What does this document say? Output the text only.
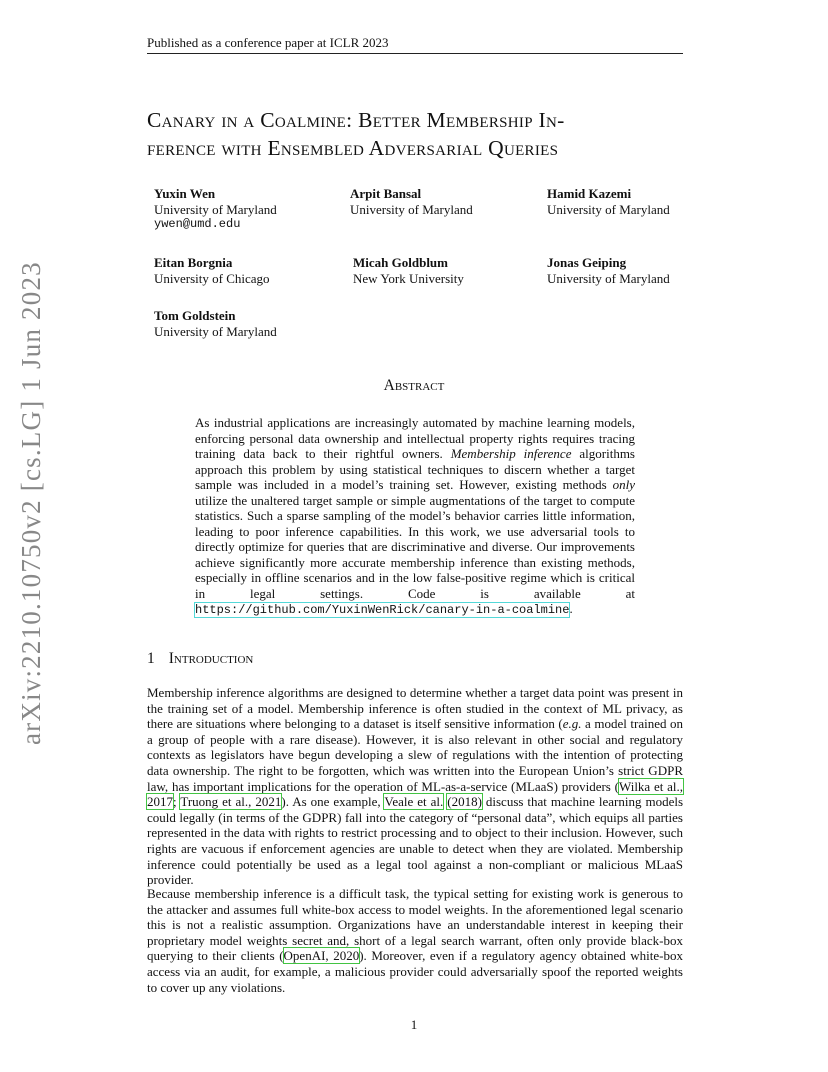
Published as a conference paper at ICLR 2023
Canary in a Coalmine: Better Membership In-
ference with Ensembled Adversarial Queries
Yuxin Wen
University of Maryland
ywen@umd.edu
Arpit Bansal
University of Maryland
Hamid Kazemi
University of Maryland
Eitan Borgnia
University of Chicago
Micah Goldblum
New York University
Jonas Geiping
University of Maryland
Tom Goldstein
University of Maryland
arXiv:2210.10750v2 [cs.LG] 1 Jun 2023	Abstract
As industrial applications are increasingly automated by machine learning models, enforcing personal data ownership and intellectual property rights requires tracing training data back to their rightful owners. Membership inference algorithms approach this problem by using statistical techniques to discern whether a target sample was included in a model’s training set. However, existing methods only utilize the unaltered target sample or simple augmentations of the target to compute statistics. Such a sparse sampling of the model’s behavior carries little information, leading to poor inference capabilities. In this work, we use adversarial tools to directly optimize for queries that are discriminative and diverse. Our improvements achieve significantly more accurate membership inference than existing methods, especially in offline scenarios and in the low false-positive regime which is critical in legal settings. Code is available at https://github.com/YuxinWenRick/canary-in-a-coalmine.
1 Introduction
Membership inference algorithms are designed to determine whether a target data point was present in the training set of a model. Membership inference is often studied in the context of ML privacy, as there are situations where belonging to a dataset is itself sensitive information (e.g. a model trained on a group of people with a rare disease). However, it is also relevant in other social and regulatory contexts as legislators have begun developing a slew of regulations with the intention of protecting data ownership. The right to be forgotten, which was written into the European Union’s strict GDPR law, has important implications for the operation of ML-as-a-service (MLaaS) providers (Wilka et al., 2017; Truong et al., 2021). As one example, Veale et al. (2018) discuss that machine learning models could legally (in terms of the GDPR) fall into the category of “personal data”, which equips all parties represented in the data with rights to restrict processing and to object to their inclusion. However, such rights are vacuous if enforcement agencies are unable to detect when they are violated. Membership inference could potentially be used as a legal tool against a non-compliant or malicious MLaaS provider.
Because membership inference is a difficult task, the typical setting for existing work is generous to the attacker and assumes full white-box access to model weights. In the aforementioned legal scenario this is not a realistic assumption. Organizations have an understandable interest in keeping their proprietary model weights secret and, short of a legal search warrant, often only provide black-box querying to their clients (OpenAI, 2020). Moreover, even if a regulatory agency obtained white-box access via an audit, for example, a malicious provider could adversarially spoof the reported weights to cover up any violations.
1
